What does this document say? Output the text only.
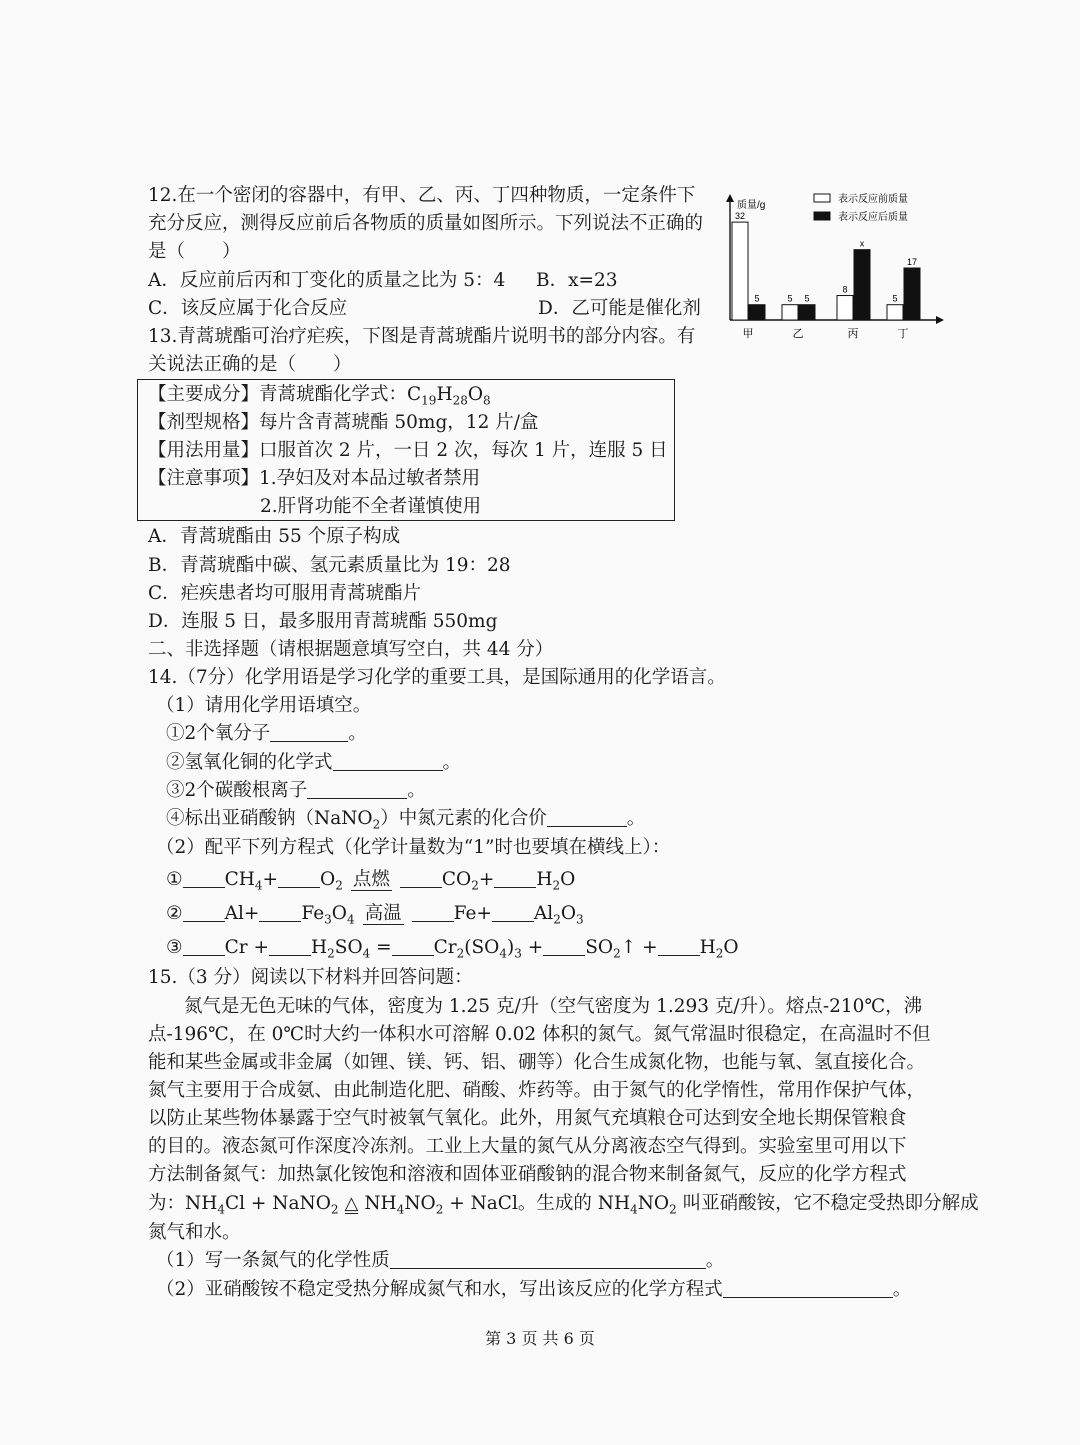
12.在一个密闭的容器中，有甲、乙、丙、丁四种物质，一定条件下
充分反应，测得反应前后各物质的质量如图所示。下列说法不正确的
是（　　）
A．反应前后丙和丁变化的质量之比为 5：4 B．x=23
C．该反应属于化合反应	D．乙可能是催化剂
质量/g
表示反应前质量
表示反应后质量
32
5
甲
5 5
乙
8
x
丙
5
17
丁
13.青蒿琥酯可治疗疟疾，下图是青蒿琥酯片说明书的部分内容。有
关说法正确的是（　　）
【主要成分】青蒿琥酯化学式：$C_{19}H_{28}O_8$
【剂型规格】每片含青蒿琥酯 50mg，12 片/盒
【用法用量】口服首次 2 片，一日 2 次，每次 1 片，连服 5 日
【注意事项】1.孕妇及对本品过敏者禁用
2.肝肾功能不全者谨慎使用
A．青蒿琥酯由 55 个原子构成
B．青蒿琥酯中碳、氢元素质量比为 19：28
C．疟疾患者均可服用青蒿琥酯片
D．连服 5 日，最多服用青蒿琥酯 550mg
二、非选择题（请根据题意填写空白，共 44 分）
14.（7分）化学用语是学习化学的重要工具，是国际通用的化学语言。
（1）请用化学用语填空。
①2个氧分子	。
②氢氧化铜的化学式	。
③2个碳酸根离子	。
④标出亚硝酸钠（NaNO$_2$）中氮元素的化合价	。
（2）配平下列方程式（化学计量数为“1”时也要填在横线上）：
① $CH_4+ O_2$ 点燃	$CO_2+ H_2O$
② $Al+ Fe_3O_4$ 高温	$Fe+ Al_2O_3$
③ $Cr + H_2SO_4 = Cr_2(SO_4)_3$ + $SO_2↑ + H_2O$
15.（3 分）阅读以下材料并回答问题：
氮气是无色无味的气体，密度为 1.25 克/升（空气密度为 1.293 克/升）。熔点-210℃，沸
点-196℃，在 0℃时大约一体积水可溶解 0.02 体积的氮气。氮气常温时很稳定，在高温时不但
能和某些金属或非金属（如锂、镁、钙、铝、硼等）化合生成氮化物，也能与氧、氢直接化合。
氮气主要用于合成氨、由此制造化肥、硝酸、炸药等。由于氮气的化学惰性，常用作保护气体，
以防止某些物体暴露于空气时被氧气氧化。此外，用氮气充填粮仓可达到安全地长期保管粮食
的目的。液态氮可作深度冷冻剂。工业上大量的氮气从分离液态空气得到。实验室里可用以下
方法制备氮气：加热氯化铵饱和溶液和固体亚硝酸钠的混合物来制备氮气，反应的化学方程式
为：$NH_4Cl$ + NaNO$_2$ △ $NH_4NO_2$ + NaCl。生成的 $NH_4NO_2$ 叫亚硝酸铵，它不稳定受热即分解成
氮气和水。
（1）写一条氮气的化学性质	。
（2）亚硝酸铵不稳定受热分解成氮气和水，写出该反应的化学方程式	。
第 3 页 共 6 页
